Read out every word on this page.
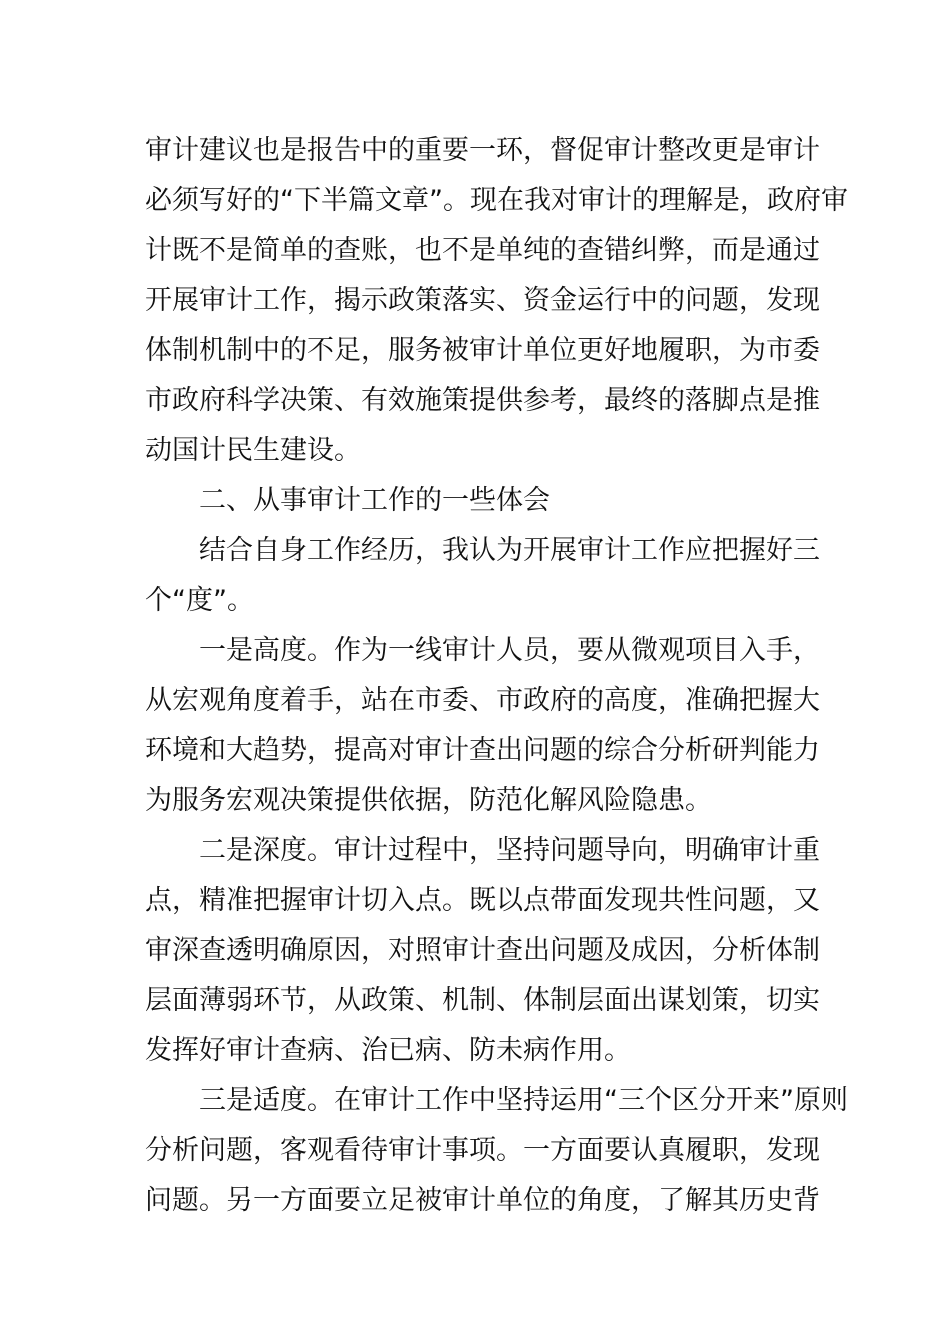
审计建议也是报告中的重要一环，督促审计整改更是审计
必须写好的“下半篇文章”。现在我对审计的理解是，政府审
计既不是简单的查账，也不是单纯的查错纠弊，而是通过
开展审计工作，揭示政策落实、资金运行中的问题，发现
体制机制中的不足，服务被审计单位更好地履职，为市委
市政府科学决策、有效施策提供参考，最终的落脚点是推
动国计民生建设。
二、从事审计工作的一些体会
结合自身工作经历，我认为开展审计工作应把握好三
个“度”。
一是高度。作为一线审计人员，要从微观项目入手，
从宏观角度着手，站在市委、市政府的高度，准确把握大
环境和大趋势，提高对审计查出问题的综合分析研判能力
为服务宏观决策提供依据，防范化解风险隐患。
二是深度。审计过程中，坚持问题导向，明确审计重
点，精准把握审计切入点。既以点带面发现共性问题，又
审深查透明确原因，对照审计查出问题及成因，分析体制
层面薄弱环节，从政策、机制、体制层面出谋划策，切实
发挥好审计查病、治已病、防未病作用。
三是适度。在审计工作中坚持运用“三个区分开来”原则
分析问题，客观看待审计事项。一方面要认真履职，发现
问题。另一方面要立足被审计单位的角度，了解其历史背
